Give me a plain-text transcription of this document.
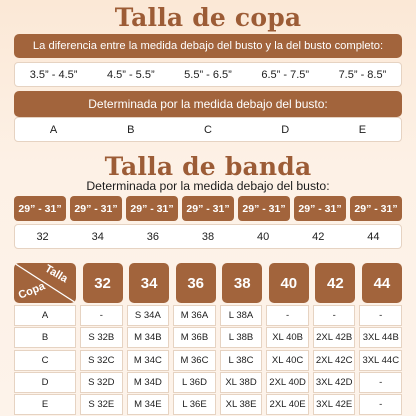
Talla de copa
La diferencia entre la medida debajo del busto y la del busto completo:
3.5” - 4.5”	4.5” - 5.5”	5.5” - 6.5”	6.5” - 7.5”	7.5” - 8.5”
Determinada por la medida debajo del busto:
A	B	C	D	E
Talla de banda
Determinada por la medida debajo del busto:
29” - 31”	29” - 31”	29” - 31”	29” - 31”	29” - 31”	29” - 31”	29” - 31”
32	34	36	38	40	42	44
Talla
Copa	32	34	36	38	40	42	44
A	-	S 34A	M 36A	L 38A	-	-	-
B	S 32B	M 34B	M 36B	L 38B	XL 40B	2XL 42B	3XL 44B
C	S 32C	M 34C	M 36C	L 38C	XL 40C	2XL 42C	3XL 44C
D	S 32D	M 34D	L 36D	XL 38D	2XL 40D	3XL 42D	-
E	S 32E	M 34E	L 36E	XL 38E	2XL 40E	3XL 42E	-
